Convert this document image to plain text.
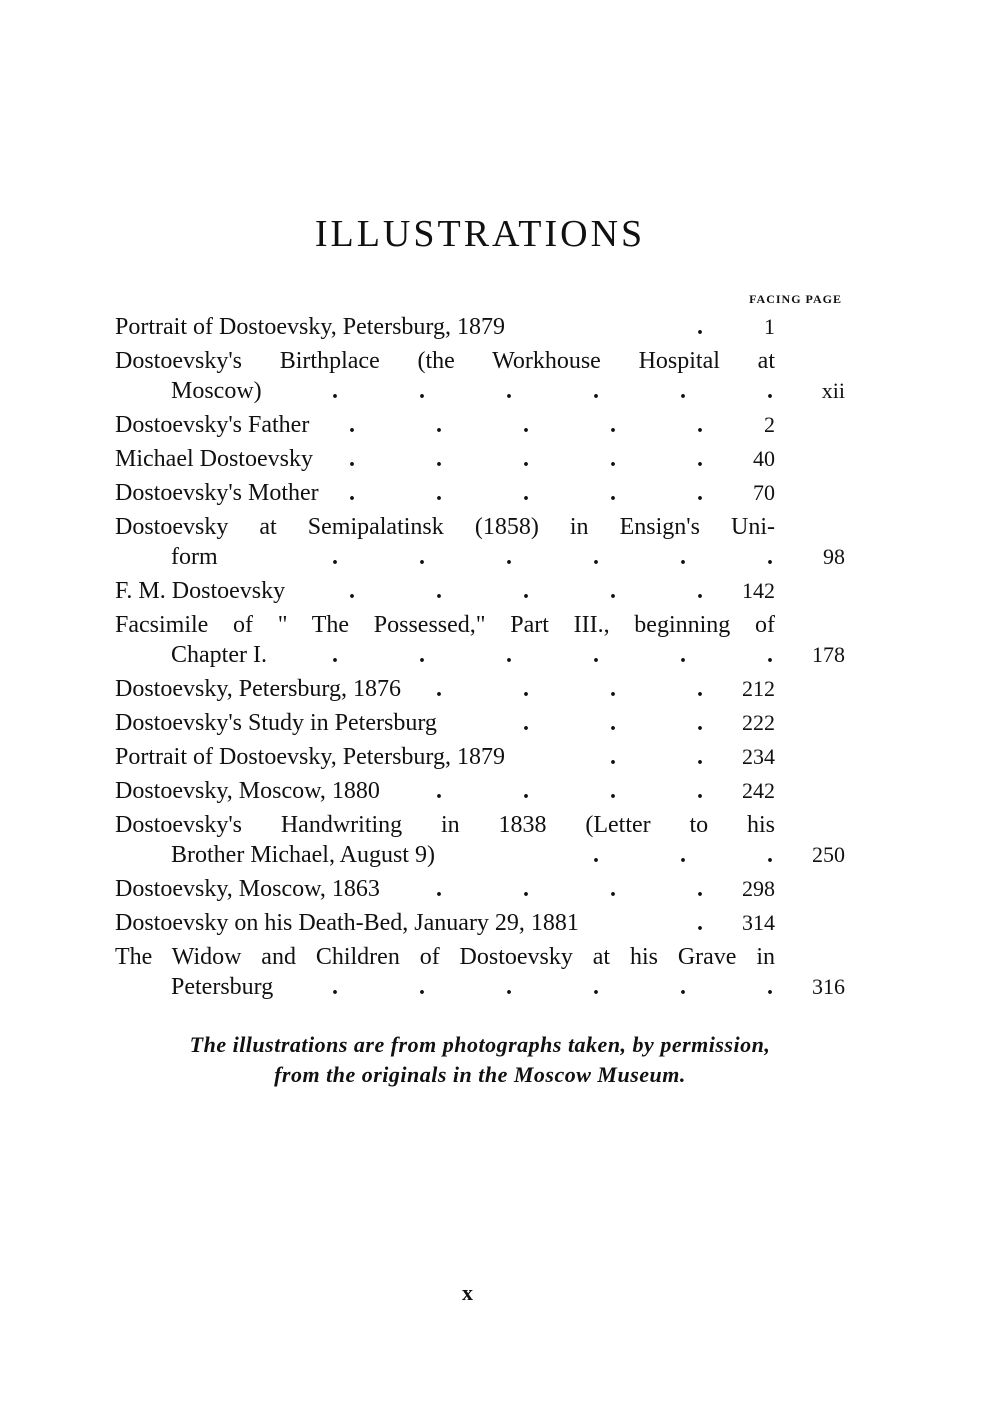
ILLUSTRATIONS
FACING PAGE
Portrait of Dostoevsky, Petersburg, 1879	.	1
Dostoevsky's Birthplace (the Workhouse Hospital at
Moscow)	.	.	.	.	.	.	xii
Dostoevsky's Father	.	.	.	.	.	2
Michael Dostoevsky	.	.	.	.	.	40
Dostoevsky's Mother	.	.	.	.	.	70
Dostoevsky at Semipalatinsk (1858) in Ensign's Uni-
form	.	.	.	.	.	.	98
F. M. Dostoevsky	.	.	.	.	.	142
Facsimile of " The Possessed," Part III., beginning of
Chapter I.	.	.	.	.	.	.	178
Dostoevsky, Petersburg, 1876	.	.	.	.	212
Dostoevsky's Study in Petersburg	.	.	.	222
Portrait of Dostoevsky, Petersburg, 1879	.	.	234
Dostoevsky, Moscow, 1880	.	.	.	.	242
Dostoevsky's Handwriting in 1838 (Letter to his
Brother Michael, August 9)	.	.	.	250
Dostoevsky, Moscow, 1863	.	.	.	.	298
Dostoevsky on his Death-Bed, January 29, 1881	.	314
The Widow and Children of Dostoevsky at his Grave in
Petersburg	.	.	.	.	.	.	316
The illustrations are from photographs taken, by permission,
from the originals in the Moscow Museum.
x
